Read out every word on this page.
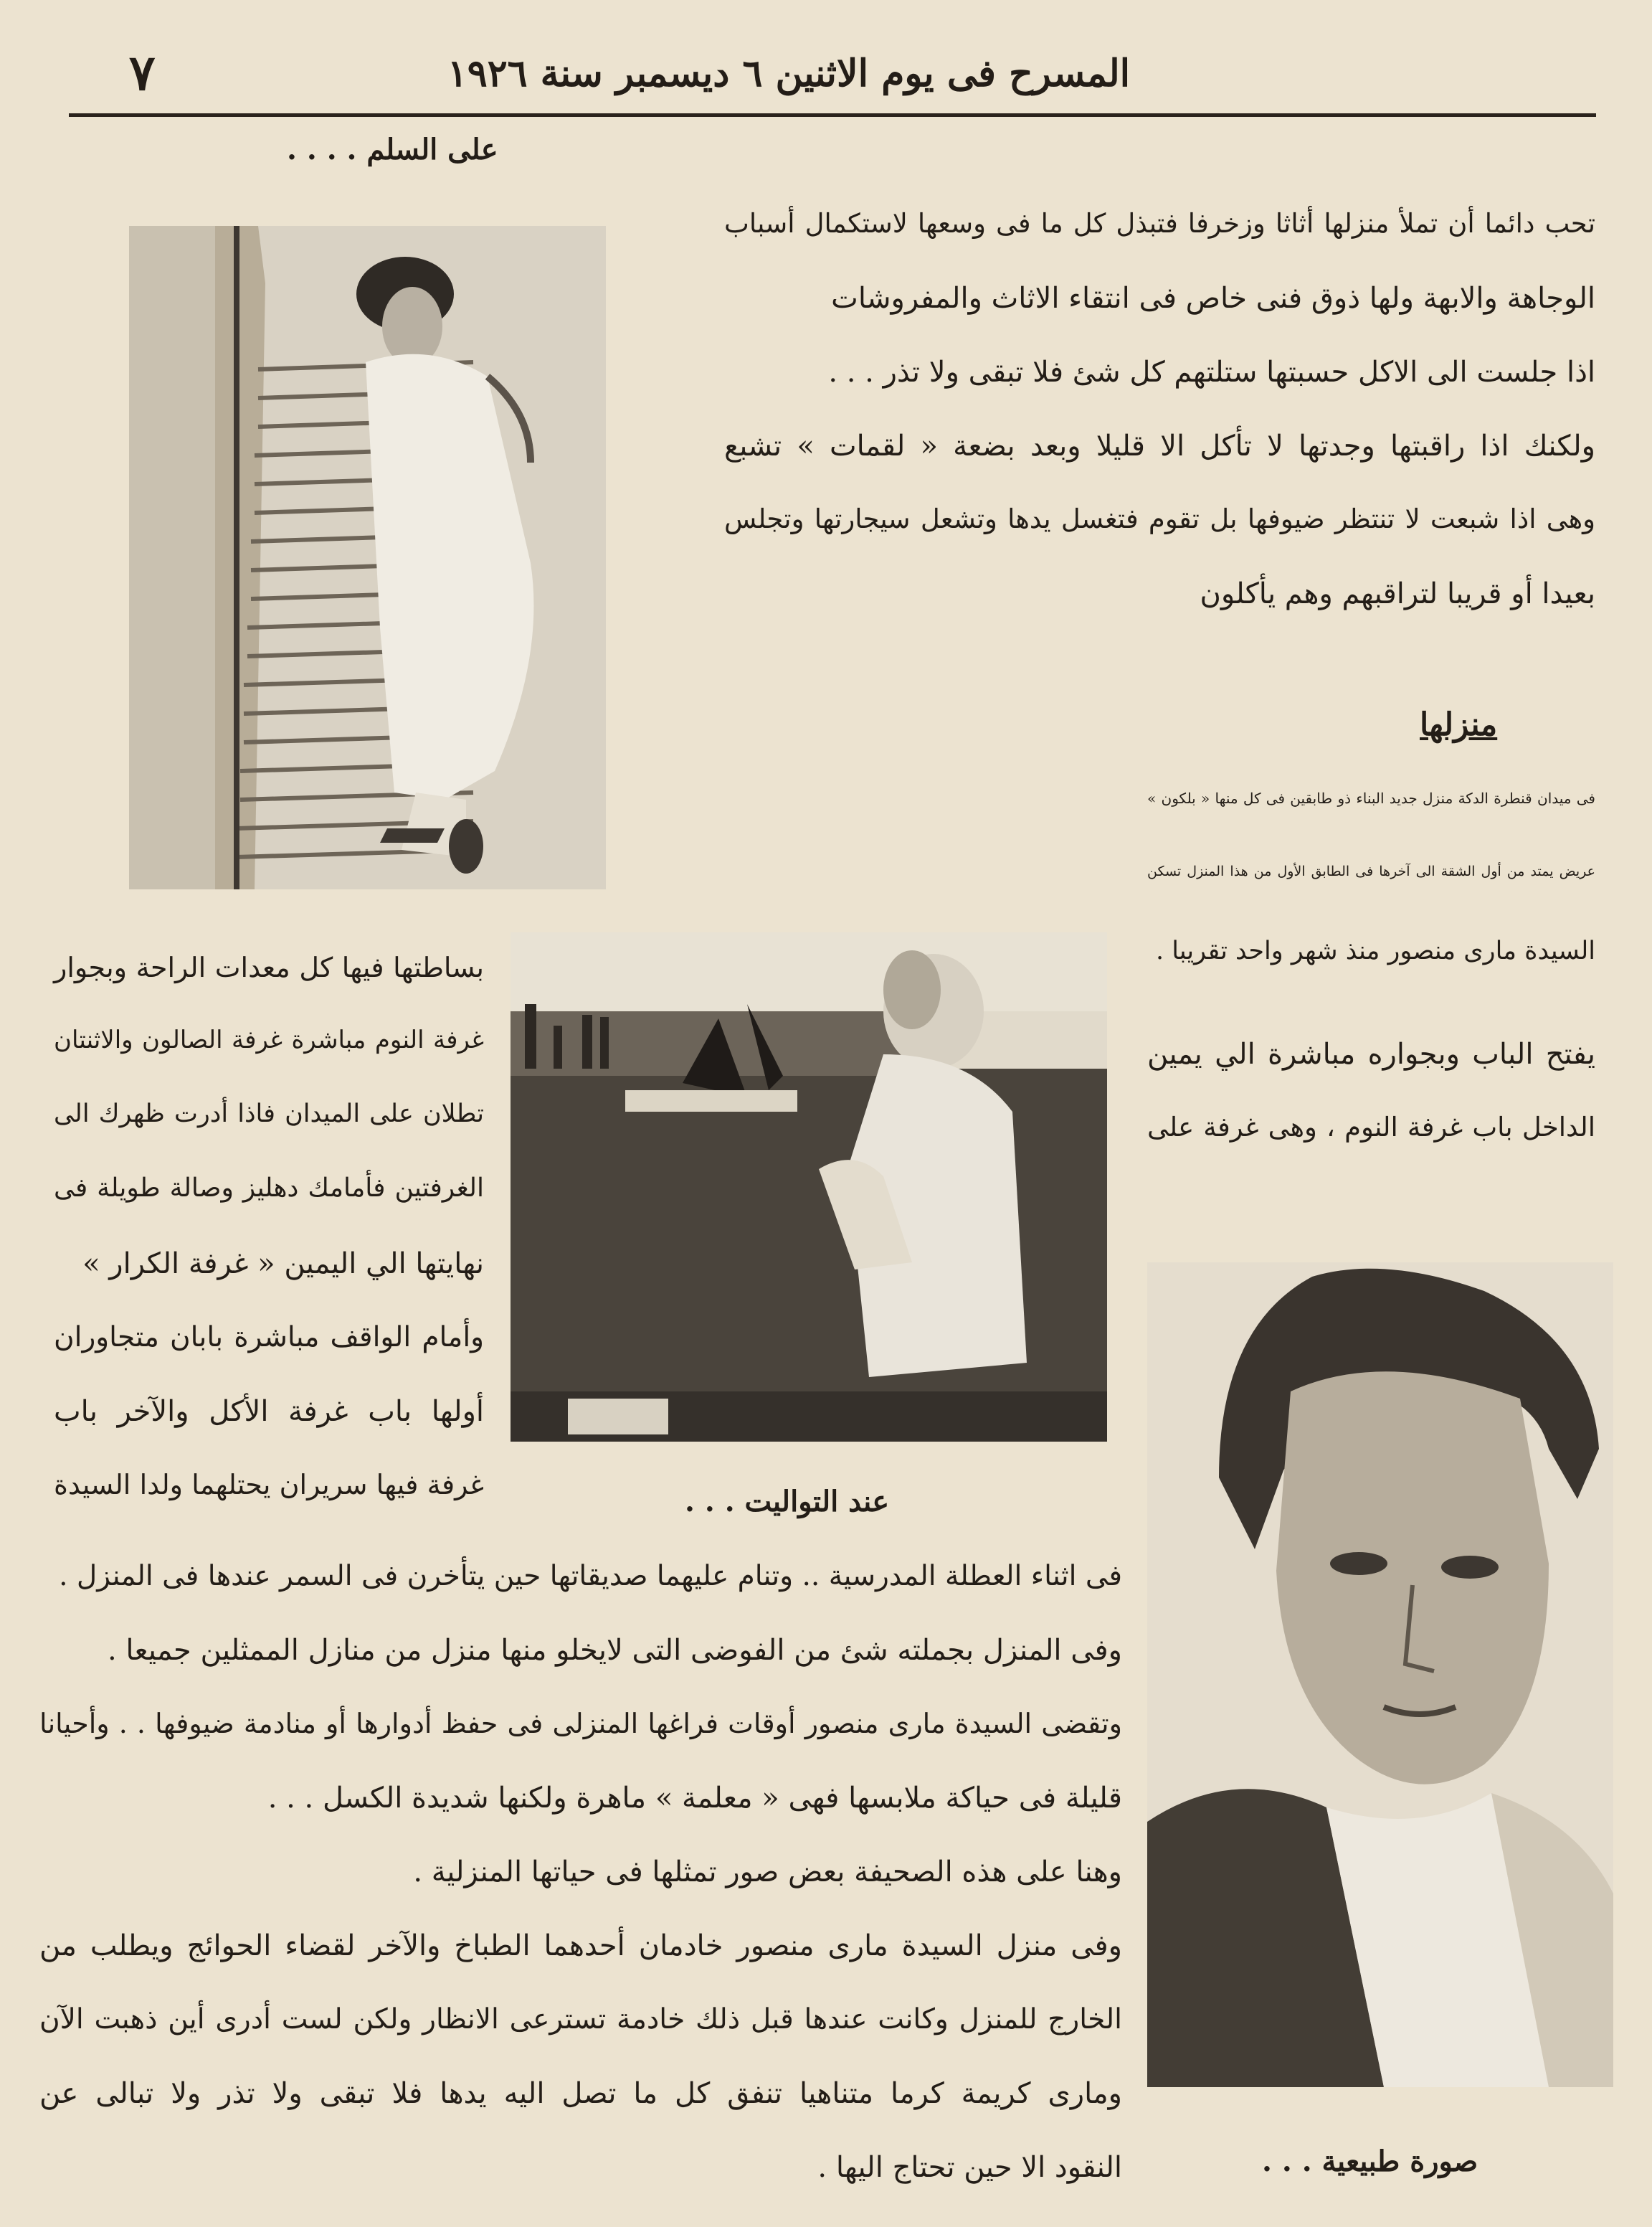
المسرح فى يوم الاثنين ٦ ديسمبر سنة ١٩٢٦
٧
على السلم . . . .
عند التواليت . . .
صورة طبيعية . . .
تحب دائما أن تملأ منزلها أثاثا وزخرفا فتبذل كل ما فى وسعها لاستكمال أسباب
الوجاهة والابهة ولها ذوق فنى خاص فى انتقاء الاثاث والمفروشات
اذا جلست الى الاكل حسبتها ستلتهم كل شئ فلا تبقى ولا تذر . . .
ولكنك اذا راقبتها وجدتها لا تأكل الا قليلا وبعد بضعة « لقمات » تشبع
وهى اذا شبعت لا تنتظر ضيوفها بل تقوم فتغسل يدها وتشعل سيجارتها وتجلس
بعيدا أو قريبا لتراقبهم وهم يأكلون
منزلها
فى ميدان قنطرة الدكة منزل جديد البناء ذو طابقين فى كل منها « بلكون »
عريض يمتد من أول الشقة الى آخرها فى الطابق الأول من هذا المنزل تسكن
السيدة مارى منصور منذ شهر واحد تقريبا .
يفتح الباب وبجواره مباشرة الي يمين
الداخل باب غرفة النوم ، وهى غرفة على
بساطتها فيها كل معدات الراحة وبجوار
غرفة النوم مباشرة غرفة الصالون والاثنتان
تطلان على الميدان فاذا أدرت ظهرك الى
الغرفتين فأمامك دهليز وصالة طويلة فى
نهايتها الي اليمين « غرفة الكرار »
وأمام الواقف مباشرة بابان متجاوران
أولها باب غرفة الأكل والآخر باب
غرفة فيها سريران يحتلهما ولدا السيدة
فى اثناء العطلة المدرسية .. وتنام عليهما صديقاتها حين يتأخرن فى السمر عندها فى المنزل .
وفى المنزل بجملته شئ من الفوضى التى لايخلو منها منزل من منازل الممثلين جميعا .
وتقضى السيدة مارى منصور أوقات فراغها المنزلى فى حفظ أدوارها أو منادمة ضيوفها . . وأحيانا
قليلة فى حياكة ملابسها فهى « معلمة » ماهرة ولكنها شديدة الكسل . . .
وهنا على هذه الصحيفة بعض صور تمثلها فى حياتها المنزلية .
وفى منزل السيدة مارى منصور خادمان أحدهما الطباخ والآخر لقضاء الحوائج ويطلب من
الخارج للمنزل وكانت عندها قبل ذلك خادمة تسترعى الانظار ولكن لست أدرى أين ذهبت الآن
ومارى كريمة كرما متناهيا تنفق كل ما تصل اليه يدها فلا تبقى ولا تذر ولا تبالى عن
النقود الا حين تحتاج اليها .
